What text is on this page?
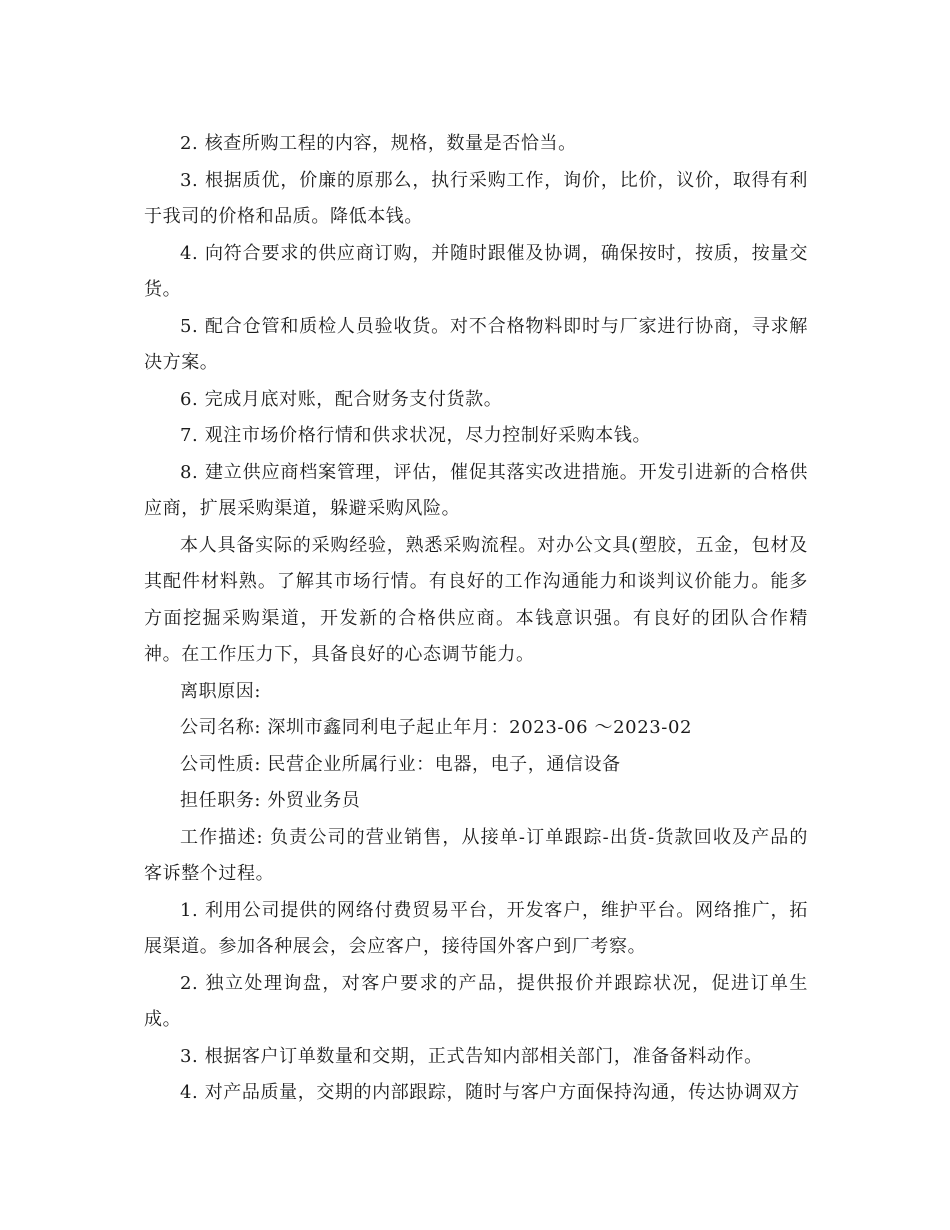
2. 核查所购工程的内容，规格，数量是否恰当。

3. 根据质优，价廉的原那么，执行采购工作，询价，比价，议价，取得有利于我司的价格和品质。降低本钱。

4. 向符合要求的供应商订购，并随时跟催及协调，确保按时，按质，按量交货。

5. 配合仓管和质检人员验收货。对不合格物料即时与厂家进行协商，寻求解决方案。

6. 完成月底对账，配合财务支付货款。

7. 观注市场价格行情和供求状况，尽力控制好采购本钱。

8. 建立供应商档案管理，评估，催促其落实改进措施。开发引进新的合格供应商，扩展采购渠道，躲避采购风险。

本人具备实际的采购经验，熟悉采购流程。对办公文具(塑胶，五金，包材及其配件材料熟。了解其市场行情。有良好的工作沟通能力和谈判议价能力。能多方面挖掘采购渠道，开发新的合格供应商。本钱意识强。有良好的团队合作精神。在工作压力下，具备良好的心态调节能力。

离职原因:

公司名称: 深圳市鑫同利电子起止年月：2023-06 ～2023-02

公司性质: 民营企业所属行业：电器，电子，通信设备

担任职务: 外贸业务员

工作描述: 负责公司的营业销售，从接单-订单跟踪-出货-货款回收及产品的客诉整个过程。

1. 利用公司提供的网络付费贸易平台，开发客户，维护平台。网络推广，拓展渠道。参加各种展会，会应客户，接待国外客户到厂考察。

2. 独立处理询盘，对客户要求的产品，提供报价并跟踪状况，促进订单生成。

3. 根据客户订单数量和交期，正式告知内部相关部门，准备备料动作。

4. 对产品质量，交期的内部跟踪，随时与客户方面保持沟通，传达协调双方
